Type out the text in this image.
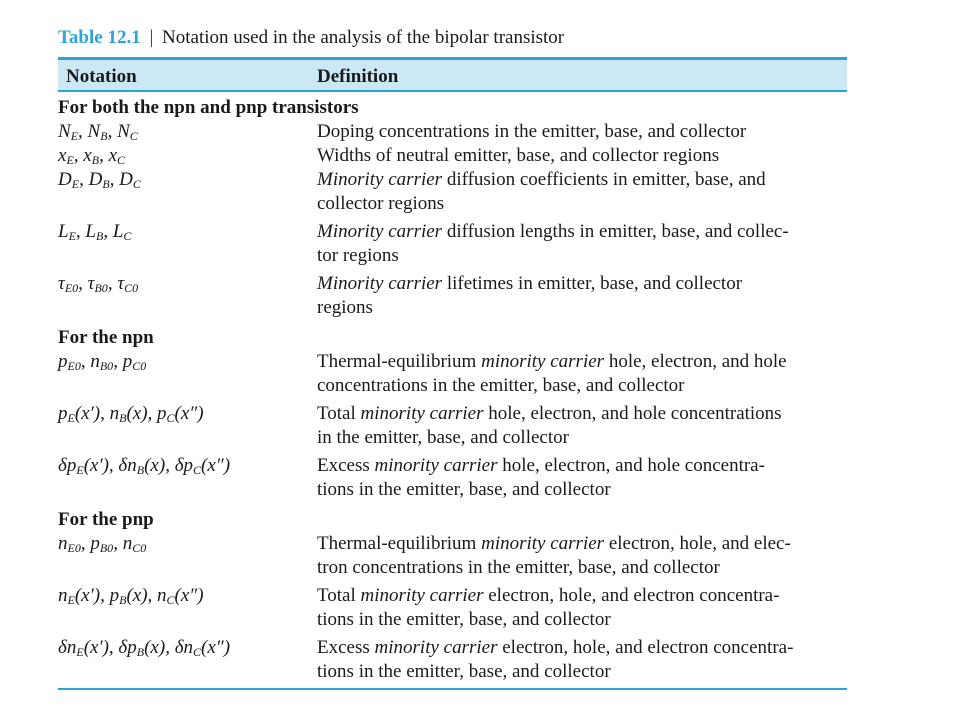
Table 12.1 | Notation used in the analysis of the bipolar transistor
Notation	Definition
For both the npn and pnp transistors
$N_E$, $N_B$, $N_C$	Doping concentrations in the emitter, base, and collector
$x_E$, $x_B$, $x_C$	Widths of neutral emitter, base, and collector regions
$D_E$, $D_B$, $D_C$	Minority carrier diffusion coefficients in emitter, base, and
collector regions
$L_E$, $L_B$, $L_C$	Minority carrier diffusion lengths in emitter, base, and collec-
tor regions
$\tau_{E0}$, $\tau_{B0}$, $\tau_{C0}$	Minority carrier lifetimes in emitter, base, and collector
regions
For the npn
$p_{E0}$, $n_{B0}$, $p_{C0}$	Thermal-equilibrium minority carrier hole, electron, and hole
concentrations in the emitter, base, and collector
$p_E(x')$, $n_B(x)$, $p_C(x'')$	Total minority carrier hole, electron, and hole concentrations
in the emitter, base, and collector
$\delta p_E(x')$, $\delta n_B(x)$, $\delta p_C(x'')$	Excess minority carrier hole, electron, and hole concentra-
tions in the emitter, base, and collector
For the pnp
$n_{E0}$, $p_{B0}$, $n_{C0}$	Thermal-equilibrium minority carrier electron, hole, and elec-
tron concentrations in the emitter, base, and collector
$n_E(x')$, $p_B(x)$, $n_C(x'')$	Total minority carrier electron, hole, and electron concentra-
tions in the emitter, base, and collector
$\delta n_E(x')$, $\delta p_B(x)$, $\delta n_C(x'')$	Excess minority carrier electron, hole, and electron concentra-
tions in the emitter, base, and collector
